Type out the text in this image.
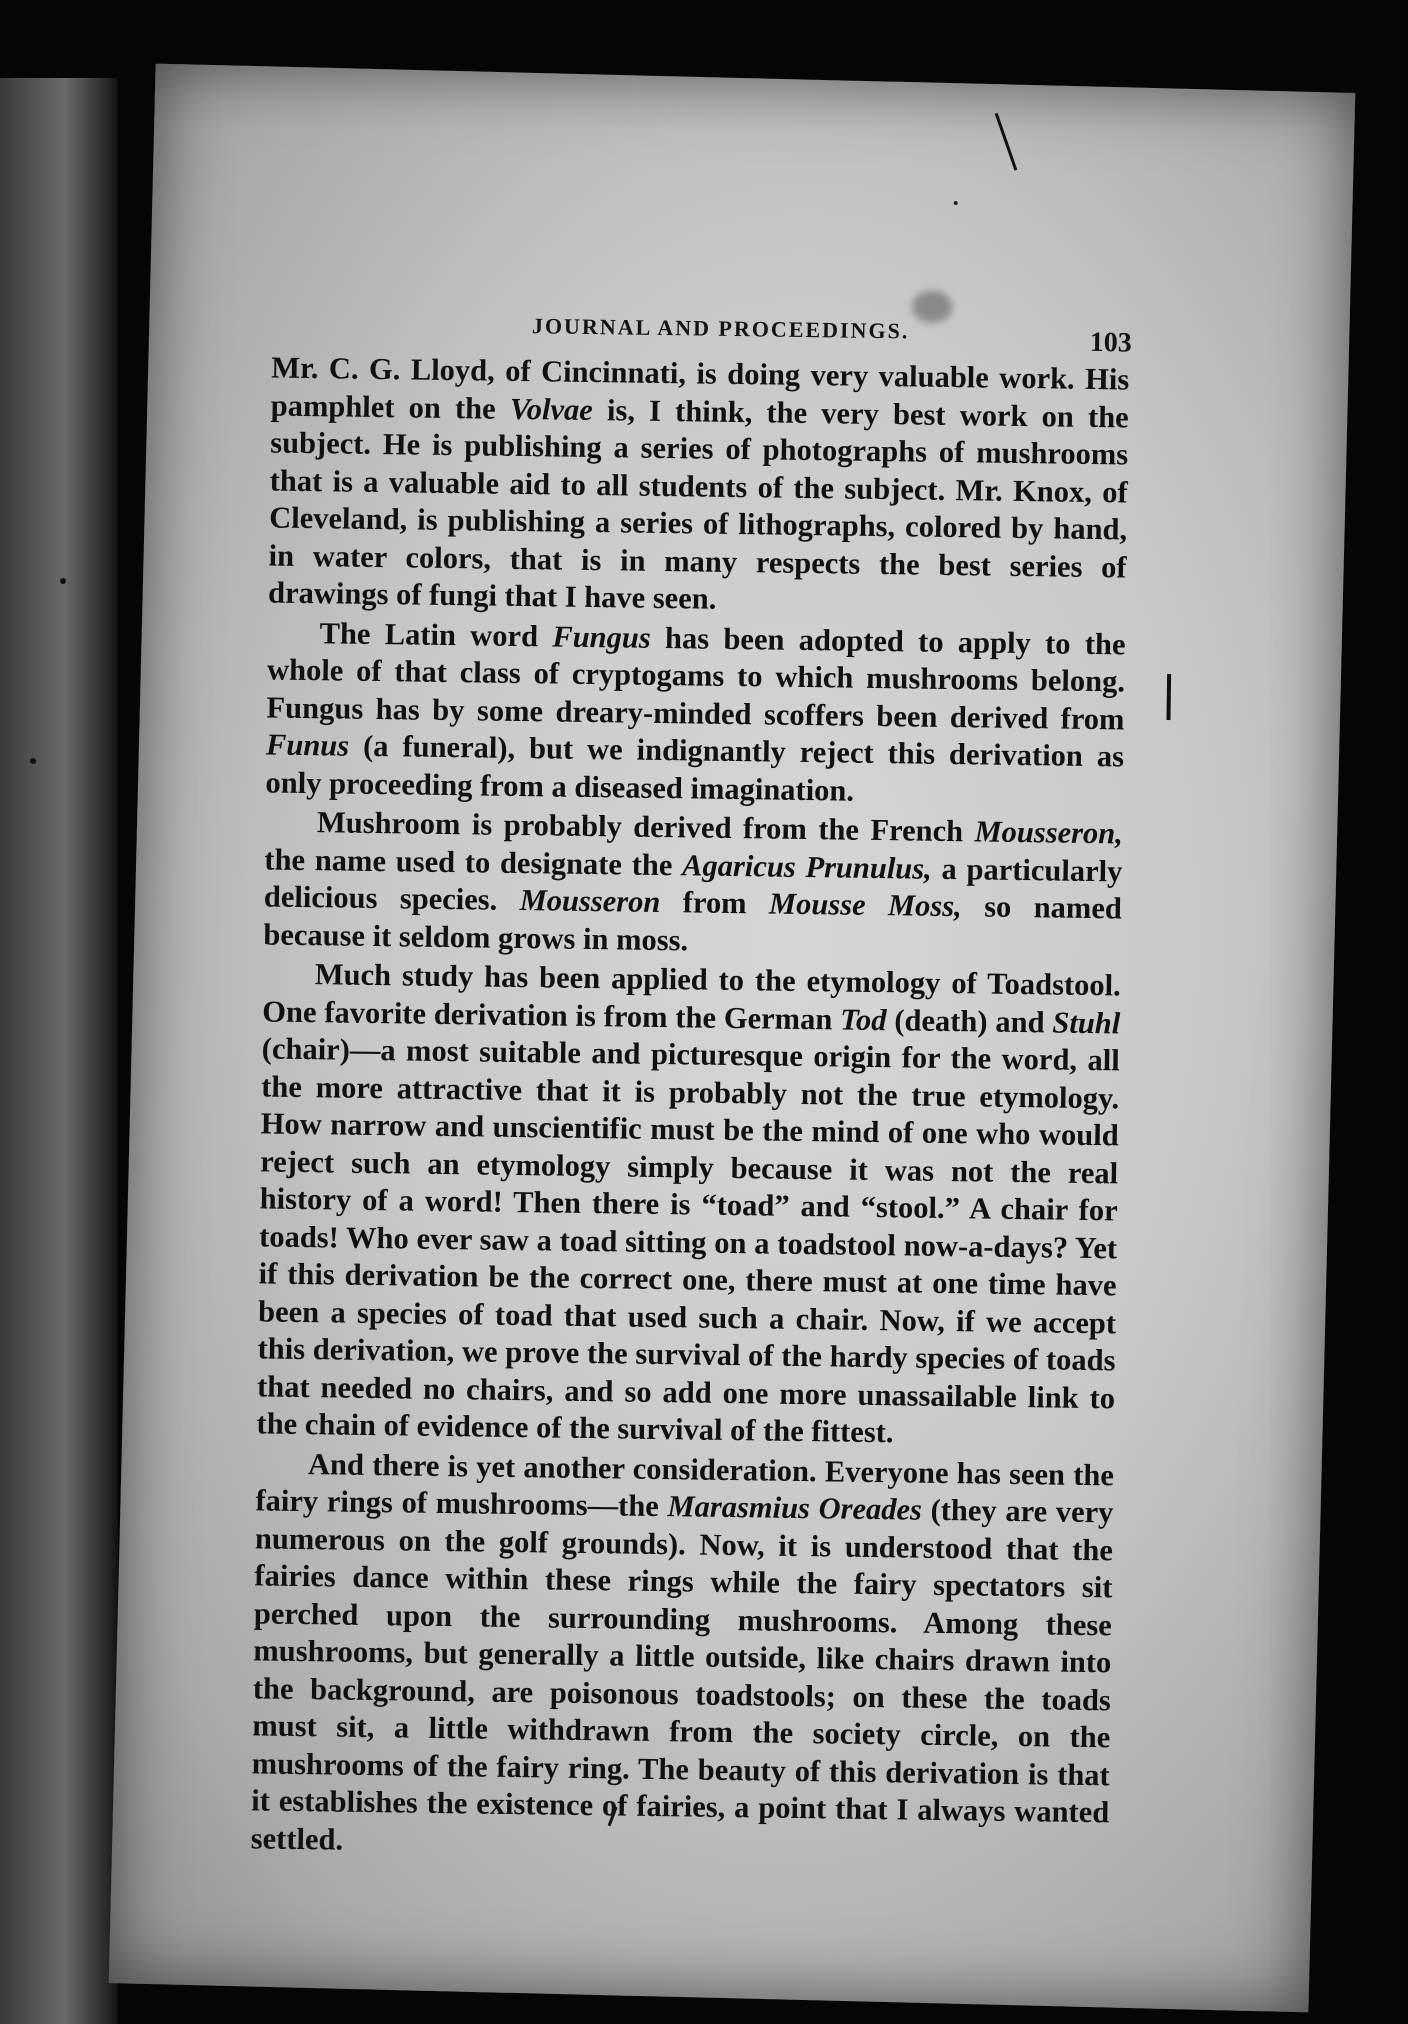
JOURNAL AND PROCEEDINGS.	103

Mr. C. G. Lloyd, of Cincinnati, is doing very valuable work. His pamphlet on the Volvae is, I think, the very best work on the subject. He is publishing a series of photographs of mushrooms that is a valuable aid to all students of the subject. Mr. Knox, of Cleveland, is publishing a series of lithographs, colored by hand, in water colors, that is in many respects the best series of drawings of fungi that I have seen.

The Latin word Fungus has been adopted to apply to the whole of that class of cryptogams to which mushrooms belong. Fungus has by some dreary-minded scoffers been derived from Funus (a funeral), but we indignantly reject this derivation as only proceeding from a diseased imagination.

Mushroom is probably derived from the French Mousseron, the name used to designate the Agaricus Prunulus, a particularly delicious species. Mousseron from Mousse Moss, so named because it seldom grows in moss.

Much study has been applied to the etymology of Toadstool. One favorite derivation is from the German Tod (death) and Stuhl (chair)—a most suitable and picturesque origin for the word, all the more attractive that it is probably not the true etymology. How narrow and unscientific must be the mind of one who would reject such an etymology simply because it was not the real history of a word! Then there is “toad” and “stool.” A chair for toads! Who ever saw a toad sitting on a toadstool now-a-days? Yet if this derivation be the correct one, there must at one time have been a species of toad that used such a chair. Now, if we accept this derivation, we prove the survival of the hardy species of toads that needed no chairs, and so add one more unassailable link to the chain of evidence of the survival of the fittest.

And there is yet another consideration. Everyone has seen the fairy rings of mushrooms—the Marasmius Oreades (they are very numerous on the golf grounds). Now, it is understood that the fairies dance within these rings while the fairy spectators sit perched upon the surrounding mushrooms. Among these mushrooms, but generally a little outside, like chairs drawn into the background, are poisonous toadstools; on these the toads must sit, a little withdrawn from the society circle, on the mushrooms of the fairy ring. The beauty of this derivation is that it establishes the existence of fairies, a point that I always wanted settled.
